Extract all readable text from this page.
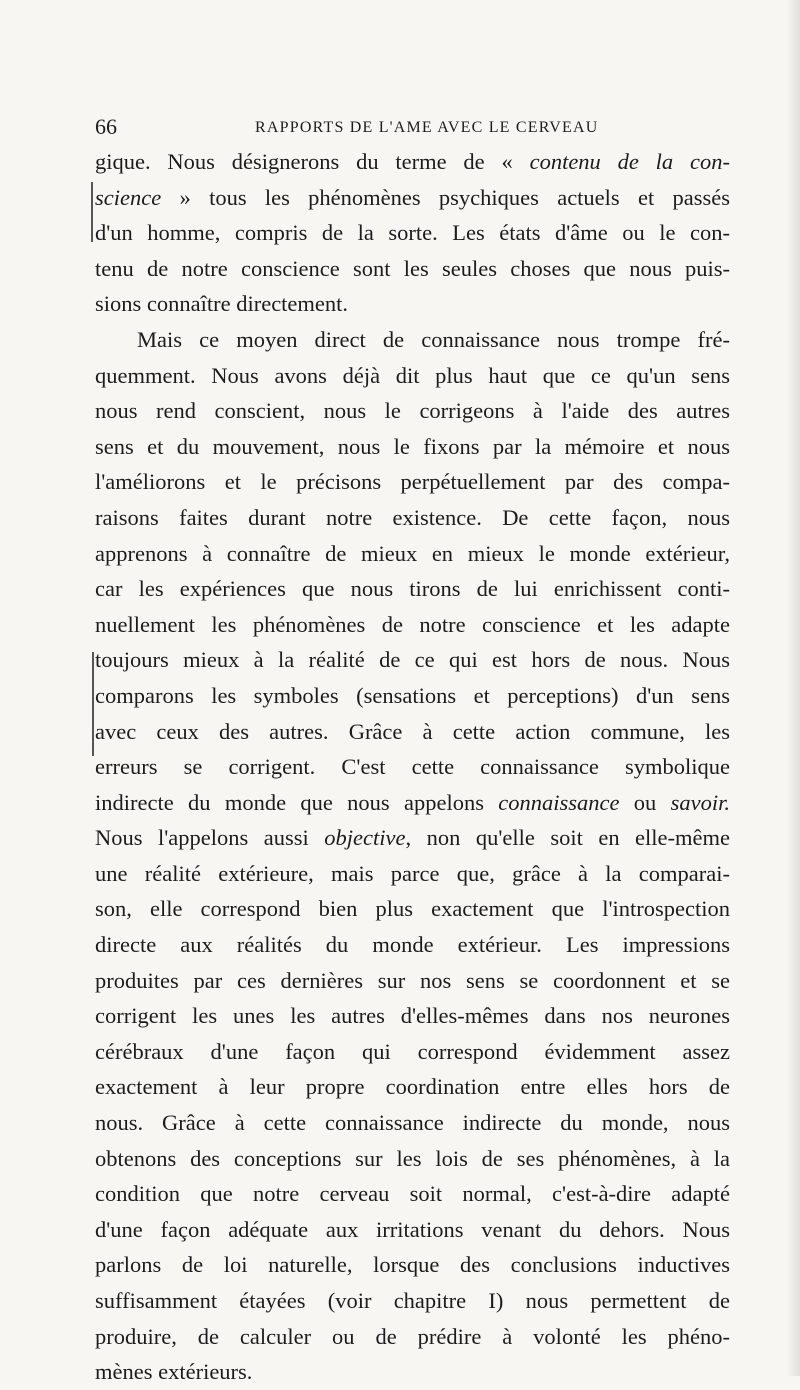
66	RAPPORTS DE L'AME AVEC LE CERVEAU
gique. Nous désignerons du terme de « contenu de la con-
science » tous les phénomènes psychiques actuels et passés
d'un homme, compris de la sorte. Les états d'âme ou le con-
tenu de notre conscience sont les seules choses que nous puis-
sions connaître directement.
Mais ce moyen direct de connaissance nous trompe fré-
quemment. Nous avons déjà dit plus haut que ce qu'un sens
nous rend conscient, nous le corrigeons à l'aide des autres
sens et du mouvement, nous le fixons par la mémoire et nous
l'améliorons et le précisons perpétuellement par des compa-
raisons faites durant notre existence. De cette façon, nous
apprenons à connaître de mieux en mieux le monde extérieur,
car les expériences que nous tirons de lui enrichissent conti-
nuellement les phénomènes de notre conscience et les adapte
toujours mieux à la réalité de ce qui est hors de nous. Nous
comparons les symboles (sensations et perceptions) d'un sens
avec ceux des autres. Grâce à cette action commune, les
erreurs se corrigent. C'est cette connaissance symbolique
indirecte du monde que nous appelons connaissance ou savoir.
Nous l'appelons aussi objective, non qu'elle soit en elle-même
une réalité extérieure, mais parce que, grâce à la comparai-
son, elle correspond bien plus exactement que l'introspection
directe aux réalités du monde extérieur. Les impressions
produites par ces dernières sur nos sens se coordonnent et se
corrigent les unes les autres d'elles-mêmes dans nos neurones
cérébraux d'une façon qui correspond évidemment assez
exactement à leur propre coordination entre elles hors de
nous. Grâce à cette connaissance indirecte du monde, nous
obtenons des conceptions sur les lois de ses phénomènes, à la
condition que notre cerveau soit normal, c'est-à-dire adapté
d'une façon adéquate aux irritations venant du dehors. Nous
parlons de loi naturelle, lorsque des conclusions inductives
suffisamment étayées (voir chapitre I) nous permettent de
produire, de calculer ou de prédire à volonté les phéno-
mènes extérieurs.
